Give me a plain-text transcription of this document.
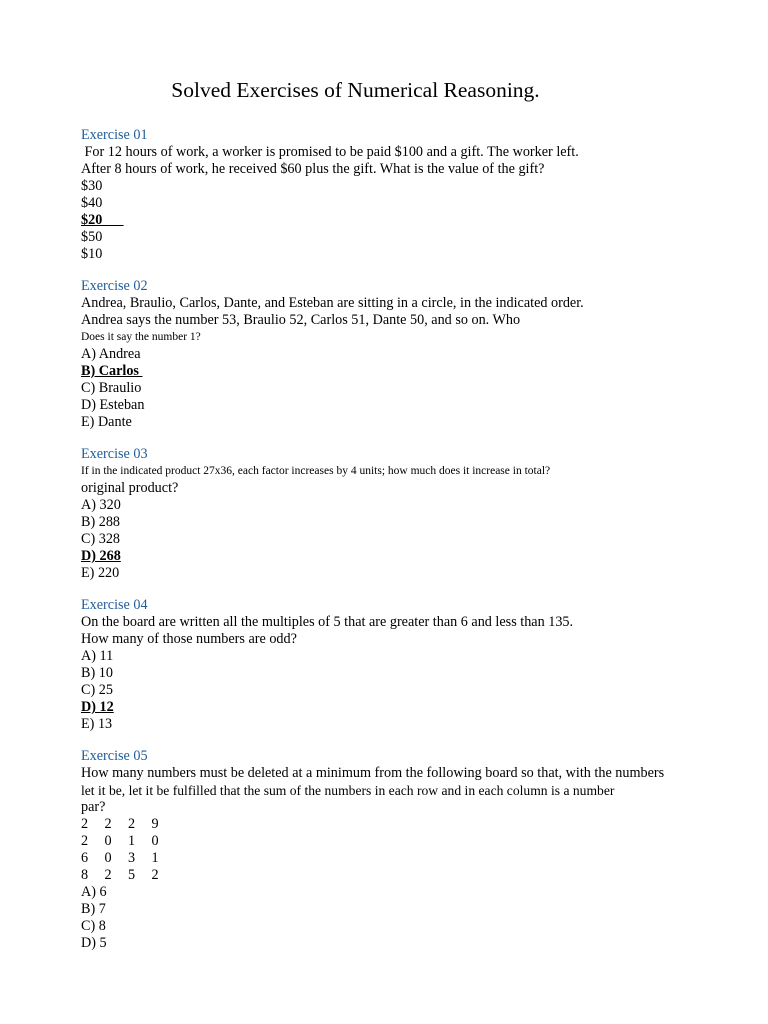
Solved Exercises of Numerical Reasoning.
Exercise 01
For 12 hours of work, a worker is promised to be paid $100 and a gift. The worker left.
After 8 hours of work, he received $60 plus the gift. What is the value of the gift?
$30
$40
$20
$50
$10
Exercise 02
Andrea, Braulio, Carlos, Dante, and Esteban are sitting in a circle, in the indicated order.
Andrea says the number 53, Braulio 52, Carlos 51, Dante 50, and so on. Who
Does it say the number 1?
A) Andrea
B) Carlos
C) Braulio
D) Esteban
E) Dante
Exercise 03
If in the indicated product 27x36, each factor increases by 4 units; how much does it increase in total?
original product?
A) 320
B) 288
C) 328
D) 268
E) 220
Exercise 04
On the board are written all the multiples of 5 that are greater than 6 and less than 135.
How many of those numbers are odd?
A) 11
B) 10
C) 25
D) 12
E) 13
Exercise 05
How many numbers must be deleted at a minimum from the following board so that, with the numbers
let it be, let it be fulfilled that the sum of the numbers in each row and in each column is a number
par?
2 2 2 9
2 0 1 0
6 0 3 1
8 2 5 2
A) 6
B) 7
C) 8
D) 5
